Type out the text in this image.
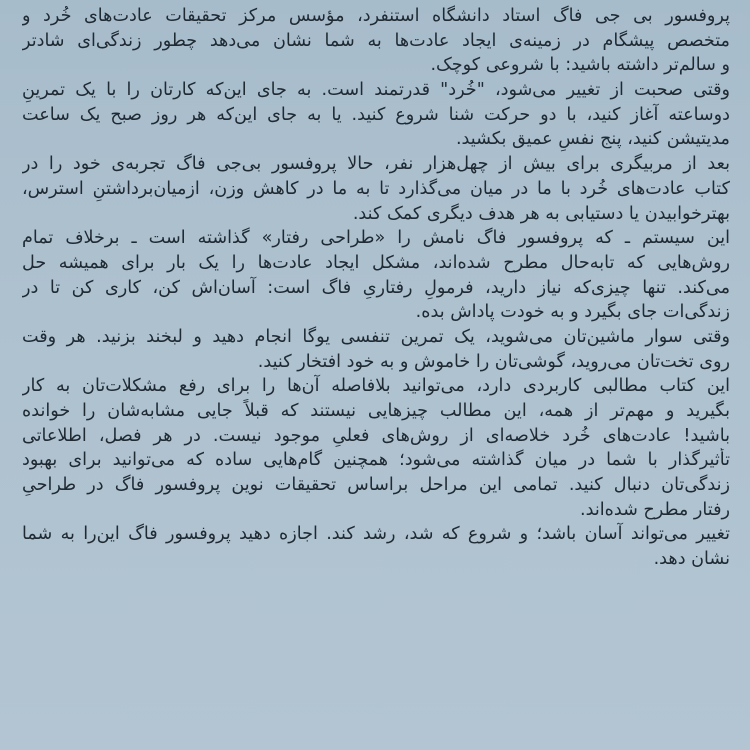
پروفسور بی جی فاگ استاد دانشگاه استنفرد، مؤسس مرکز تحقیقات عادت‌های خُرد و
متخصص پیشگام در زمینه‌ی ایجاد عادت‌ها به شما نشان می‌دهد چطور زندگی‌ای شادتر
و سالم‌تر داشته باشید: با شروعی کوچک.
وقتی صحبت از تغییر می‌شود، "خُرد" قدرتمند است. به جای این‌که کارتان را با یک تمرینِ
دوساعته آغاز کنید، با دو حرکت شنا شروع کنید. یا به جای این‌که هر روز صبح یک ساعت
مدیتیشن کنید، پنج نفسِ عمیق بکشید.
بعد از مربیگری برای بیش از چهل‌هزار نفر، حالا پروفسور بی‌جی فاگ تجربه‌ی خود را در
کتاب عادت‌های خُرد با ما در میان می‌گذارد تا به ما در کاهش وزن، ازمیان‌برداشتنِ استرس،
بهترخوابیدن یا دستیابی به هر هدف دیگری کمک کند.
این سیستم ـ که پروفسور فاگ نامش را «طراحی رفتار» گذاشته است ـ برخلاف تمام
روش‌هایی که تابه‌حال مطرح شده‌اند، مشکل ایجاد عادت‌ها را یک بار برای همیشه حل
می‌کند. تنها چیزی‌که نیاز دارید، فرمولِ رفتاریِ فاگ است: آسان‌اش کن، کاری کن تا در
زندگی‌ات جای بگیرد و به خودت پاداش بده.
وقتی سوار ماشین‌تان می‌شوید، یک تمرین تنفسی یوگا انجام دهید و لبخند بزنید. هر وقت
روی تخت‌تان می‌روید، گوشی‌تان را خاموش و به خود افتخار کنید.
این کتاب مطالبی کاربردی دارد، می‌توانید بلافاصله آن‌ها را برای رفع مشکلات‌تان به کار
بگیرید و مهم‌تر از همه، این مطالب چیزهایی نیستند که قبلاً جایی مشابه‌شان را خوانده
باشید! عادت‌های خُرد خلاصه‌ای از روش‌های فعلیِ موجود نیست. در هر فصل، اطلاعاتی
تأثیرگذار با شما در میان گذاشته می‌شود؛ همچنین گام‌هایی ساده که می‌توانید برای بهبود
زندگی‌تان دنبال کنید. تمامی این مراحل براساس تحقیقات نوین پروفسور فاگ در طراحیِ
رفتار مطرح شده‌اند.
تغییر می‌تواند آسان باشد؛ و شروع که شد، رشد کند. اجازه دهید پروفسور فاگ این‌را به شما
نشان دهد.
